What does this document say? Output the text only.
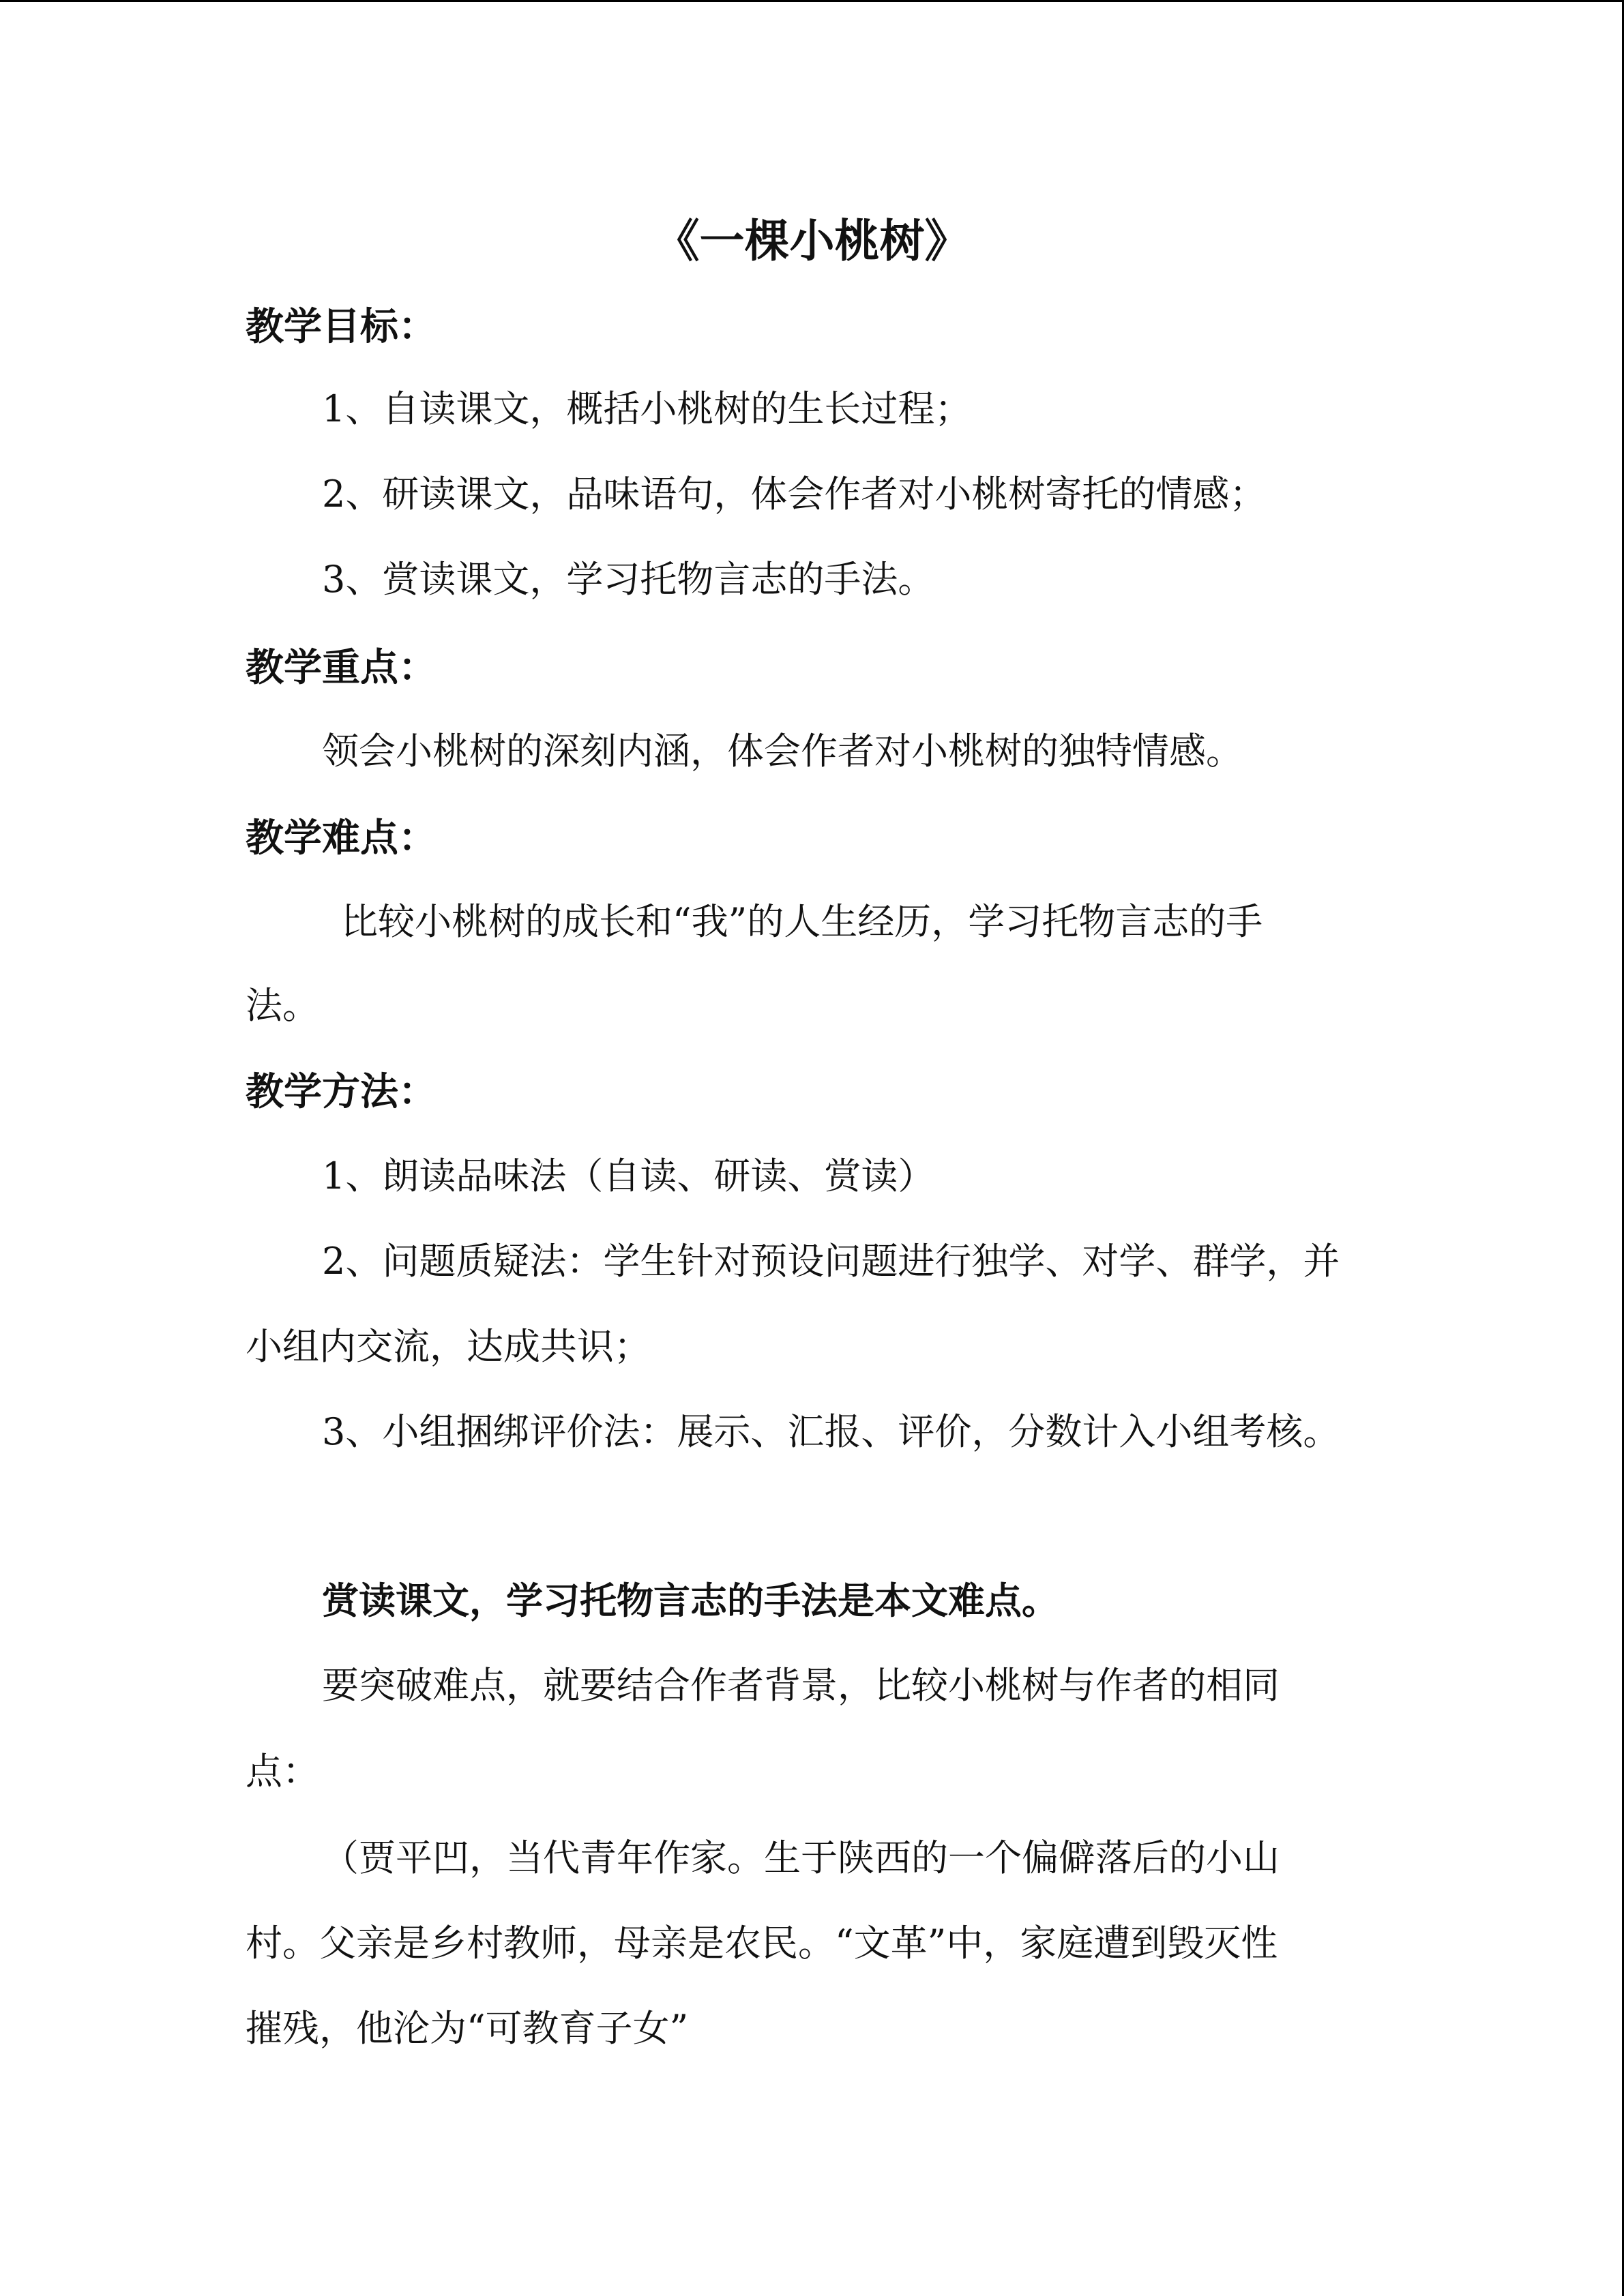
《一棵小桃树》
教学目标：
1、自读课文，概括小桃树的生长过程；
2、研读课文，品味语句，体会作者对小桃树寄托的情感；
3、赏读课文，学习托物言志的手法。
教学重点：
领会小桃树的深刻内涵，体会作者对小桃树的独特情感。
教学难点：
比较小桃树的成长和“我”的人生经历，学习托物言志的手
法。
教学方法：
1、朗读品味法（自读、研读、赏读）
2、问题质疑法：学生针对预设问题进行独学、对学、群学，并
小组内交流，达成共识；
3、小组捆绑评价法：展示、汇报、评价，分数计入小组考核。
赏读课文，学习托物言志的手法是本文难点。
要突破难点，就要结合作者背景，比较小桃树与作者的相同
点：
（贾平凹，当代青年作家。生于陕西的一个偏僻落后的小山
村。父亲是乡村教师，母亲是农民。“文革”中，家庭遭到毁灭性
摧残，他沦为“可教育子女”
